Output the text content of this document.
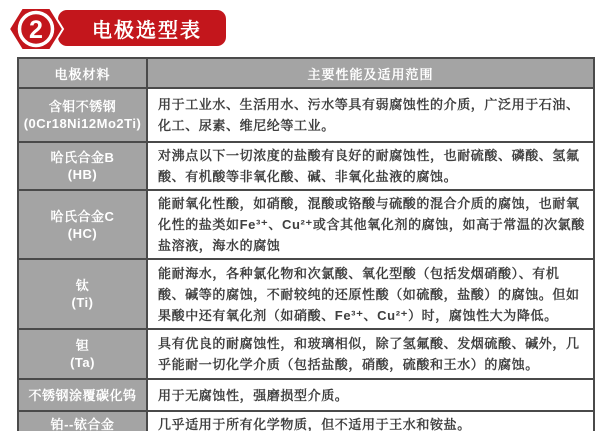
电极选型表
2
电极材料	主要性能及适用范围

含钼不锈钢
(0Cr18Ni12Mo2Ti)	用于工业水、生活用水、污水等具有弱腐蚀性的介质，广泛用于石油、化工、尿素、维尼纶等工业。

哈氏合金B
(HB)	对沸点以下一切浓度的盐酸有良好的耐腐蚀性，也耐硫酸、磷酸、氢氟酸、有机酸等非氧化酸、碱、非氧化盐液的腐蚀。

哈氏合金C
(HC)	能耐氧化性酸，如硝酸，混酸或铬酸与硫酸的混合介质的腐蚀，也耐氧化性的盐类如Fe³⁺、Cu²⁺或含其他氧化剂的腐蚀，如高于常温的次氯酸盐溶液，海水的腐蚀

钛
(Ti)	能耐海水，各种氯化物和次氯酸、氧化型酸（包括发烟硝酸）、有机酸、碱等的腐蚀，不耐较纯的还原性酸（如硫酸，盐酸）的腐蚀。但如果酸中还有氧化剂（如硝酸、Fe³⁺、Cu²⁺）时，腐蚀性大为降低。

钽
(Ta)	具有优良的耐腐蚀性，和玻璃相似，除了氢氟酸、发烟硫酸、碱外，几乎能耐一切化学介质（包括盐酸，硝酸，硫酸和王水）的腐蚀。

不锈钢涂覆碳化钨	用于无腐蚀性，强磨损型介质。

铂--铱合金	几乎适用于所有化学物质，但不适用于王水和铵盐。
